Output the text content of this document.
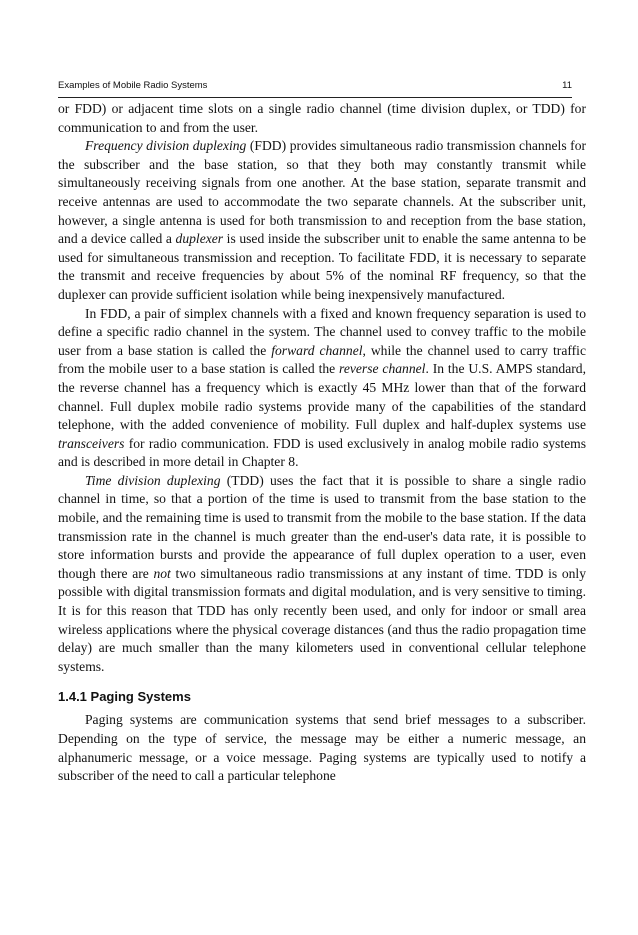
Examples of Mobile Radio Systems	11

or FDD) or adjacent time slots on a single radio channel (time division duplex, or TDD) for communication to and from the user.

Frequency division duplexing (FDD) provides simultaneous radio transmission channels for the subscriber and the base station, so that they both may constantly transmit while simultaneously receiving signals from one another. At the base station, separate transmit and receive antennas are used to accommodate the two separate channels. At the subscriber unit, however, a single antenna is used for both transmission to and reception from the base station, and a device called a duplexer is used inside the subscriber unit to enable the same antenna to be used for simultaneous transmission and reception. To facilitate FDD, it is necessary to separate the transmit and receive frequencies by about 5% of the nominal RF frequency, so that the duplexer can provide sufficient isolation while being inexpensively manufactured.

In FDD, a pair of simplex channels with a fixed and known frequency separation is used to define a specific radio channel in the system. The channel used to convey traffic to the mobile user from a base station is called the forward channel, while the channel used to carry traffic from the mobile user to a base station is called the reverse channel. In the U.S. AMPS standard, the reverse channel has a frequency which is exactly 45 MHz lower than that of the forward channel. Full duplex mobile radio systems provide many of the capabilities of the standard telephone, with the added convenience of mobility. Full duplex and half-duplex systems use transceivers for radio communication. FDD is used exclusively in analog mobile radio systems and is described in more detail in Chapter 8.

Time division duplexing (TDD) uses the fact that it is possible to share a single radio channel in time, so that a portion of the time is used to transmit from the base station to the mobile, and the remaining time is used to transmit from the mobile to the base station. If the data transmission rate in the channel is much greater than the end-user's data rate, it is possible to store information bursts and provide the appearance of full duplex operation to a user, even though there are not two simultaneous radio transmissions at any instant of time. TDD is only possible with digital transmission formats and digital modulation, and is very sensitive to timing. It is for this reason that TDD has only recently been used, and only for indoor or small area wireless applications where the physical coverage distances (and thus the radio propagation time delay) are much smaller than the many kilometers used in conventional cellular telephone systems.

1.4.1 Paging Systems

Paging systems are communication systems that send brief messages to a subscriber. Depending on the type of service, the message may be either a numeric message, an alphanumeric message, or a voice message. Paging systems are typically used to notify a subscriber of the need to call a particular telephone
